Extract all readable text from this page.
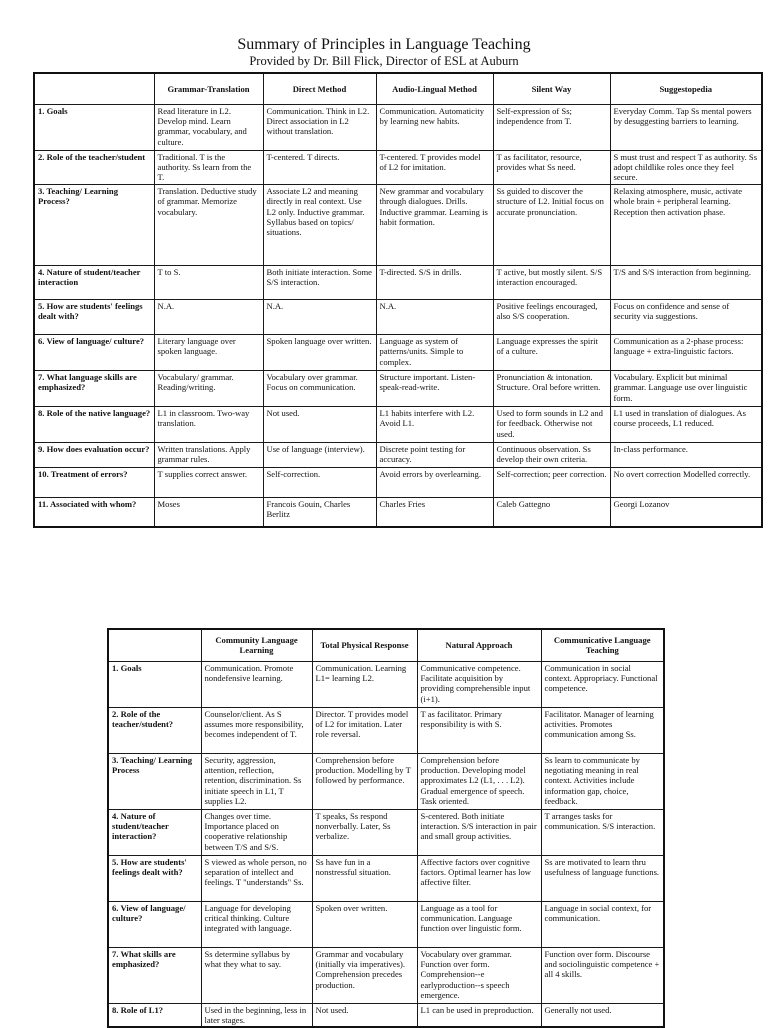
Summary of Principles in Language Teaching
Provided by Dr. Bill Flick, Director of ESL at Auburn
	Grammar-Translation	Direct Method	Audio-Lingual Method	Silent Way	Suggestopedia
1. Goals	Read literature in L2. Develop mind. Learn grammar, vocabulary, and culture.	Communication. Think in L2. Direct association in L2 without translation.	Communication. Automaticity by learning new habits.	Self-expression of Ss; independence from T.	Everyday Comm. Tap Ss mental powers by desuggesting barriers to learning.
2. Role of the teacher/student	Traditional. T is the authority. Ss learn from the T.	T-centered. T directs.	T-centered. T provides model of L2 for imitation.	T as facilitator, resource, provides what Ss need.	S must trust and respect T as authority. Ss adopt childlike roles once they feel secure.
3. Teaching/ Learning Process?	Translation. Deductive study of grammar. Memorize vocabulary.	Associate L2 and meaning directly in real context. Use L2 only. Inductive grammar. Syllabus based on topics/ situations.	New grammar and vocabulary through dialogues. Drills. Inductive grammar. Learning is habit formation.	Ss guided to discover the structure of L2. Initial focus on accurate pronunciation.	Relaxing atmosphere, music, activate whole brain + peripheral learning. Reception then activation phase.
4. Nature of student/teacher interaction	T to S.	Both initiate interaction. Some S/S interaction.	T-directed. S/S in drills.	T active, but mostly silent. S/S interaction encouraged.	T/S and S/S interaction from beginning.
5. How are students' feelings dealt with?	N.A.	N.A.	N.A.	Positive feelings encouraged, also S/S cooperation.	Focus on confidence and sense of security via suggestions.
6. View of language/ culture?	Literary language over spoken language.	Spoken language over written.	Language as system of patterns/units. Simple to complex.	Language expresses the spirit of a culture.	Communication as a 2-phase process: language + extra-linguistic factors.
7. What language skills are emphasized?	Vocabulary/ grammar. Reading/writing.	Vocabulary over grammar. Focus on communication.	Structure important. Listen-speak-read-write.	Pronunciation & intonation. Structure. Oral before written.	Vocabulary. Explicit but minimal grammar. Language use over linguistic form.
8. Role of the native language?	L1 in classroom. Two-way translation.	Not used.	L1 habits interfere with L2. Avoid L1.	Used to form sounds in L2 and for feedback. Otherwise not used.	L1 used in translation of dialogues. As course proceeds, L1 reduced.
9. How does evaluation occur?	Written translations. Apply grammar rules.	Use of language (interview).	Discrete point testing for accuracy.	Continuous observation. Ss develop their own criteria.	In-class performance.
10. Treatment of errors?	T supplies correct answer.	Self-correction.	Avoid errors by overlearning.	Self-correction; peer correction.	No overt correction Modelled correctly.
11. Associated with whom?	Moses	Francois Gouin, Charles Berlitz	Charles Fries	Caleb Gattegno	Georgi Lozanov
	Community Language Learning	Total Physical Response	Natural Approach	Communicative Language Teaching
1. Goals	Communication. Promote nondefensive learning.	Communication. Learning L1= learning L2.	Communicative competence. Facilitate acquisition by providing comprehensible input (i+1).	Communication in social context. Appropriacy. Functional competence.
2. Role of the teacher/student?	Counselor/client. As S assumes more responsibility, becomes independent of T.	Director. T provides model of L2 for imitation. Later role reversal.	T as facilitator. Primary responsibility is with S.	Facilitator. Manager of learning activities. Promotes communication among Ss.
3. Teaching/ Learning Process	Security, aggression, attention, reflection, retention, discrimination. Ss initiate speech in L1, T supplies L2.	Comprehension before production. Modelling by T followed by performance.	Comprehension before production. Developing model approximates L2 (L1, . . . L2). Gradual emergence of speech. Task oriented.	Ss learn to communicate by negotiating meaning in real context. Activities include information gap, choice, feedback.
4. Nature of student/teacher interaction?	Changes over time. Importance placed on cooperative relationship between T/S and S/S.	T speaks, Ss respond nonverbally. Later, Ss verbalize.	S-centered. Both initiate interaction. S/S interaction in pair and small group activities.	T arranges tasks for communication. S/S interaction.
5. How are students' feelings dealt with?	S viewed as whole person, no separation of intellect and feelings. T "understands" Ss.	Ss have fun in a nonstressful situation.	Affective factors over cognitive factors. Optimal learner has low affective filter.	Ss are motivated to learn thru usefulness of language functions.
6. View of language/ culture?	Language for developing critical thinking. Culture integrated with language.	Spoken over written.	Language as a tool for communication. Language function over linguistic form.	Language in social context, for communication.
7. What skills are emphasized?	Ss determine syllabus by what they what to say.	Grammar and vocabulary (initially via imperatives). Comprehension precedes production.	Vocabulary over grammar. Function over form. Comprehension--e earlyproduction--s speech emergence.	Function over form. Discourse and sociolinguistic competence + all 4 skills.
8. Role of L1?	Used in the beginning, less in later stages.	Not used.	L1 can be used in preproduction.	Generally not used.
